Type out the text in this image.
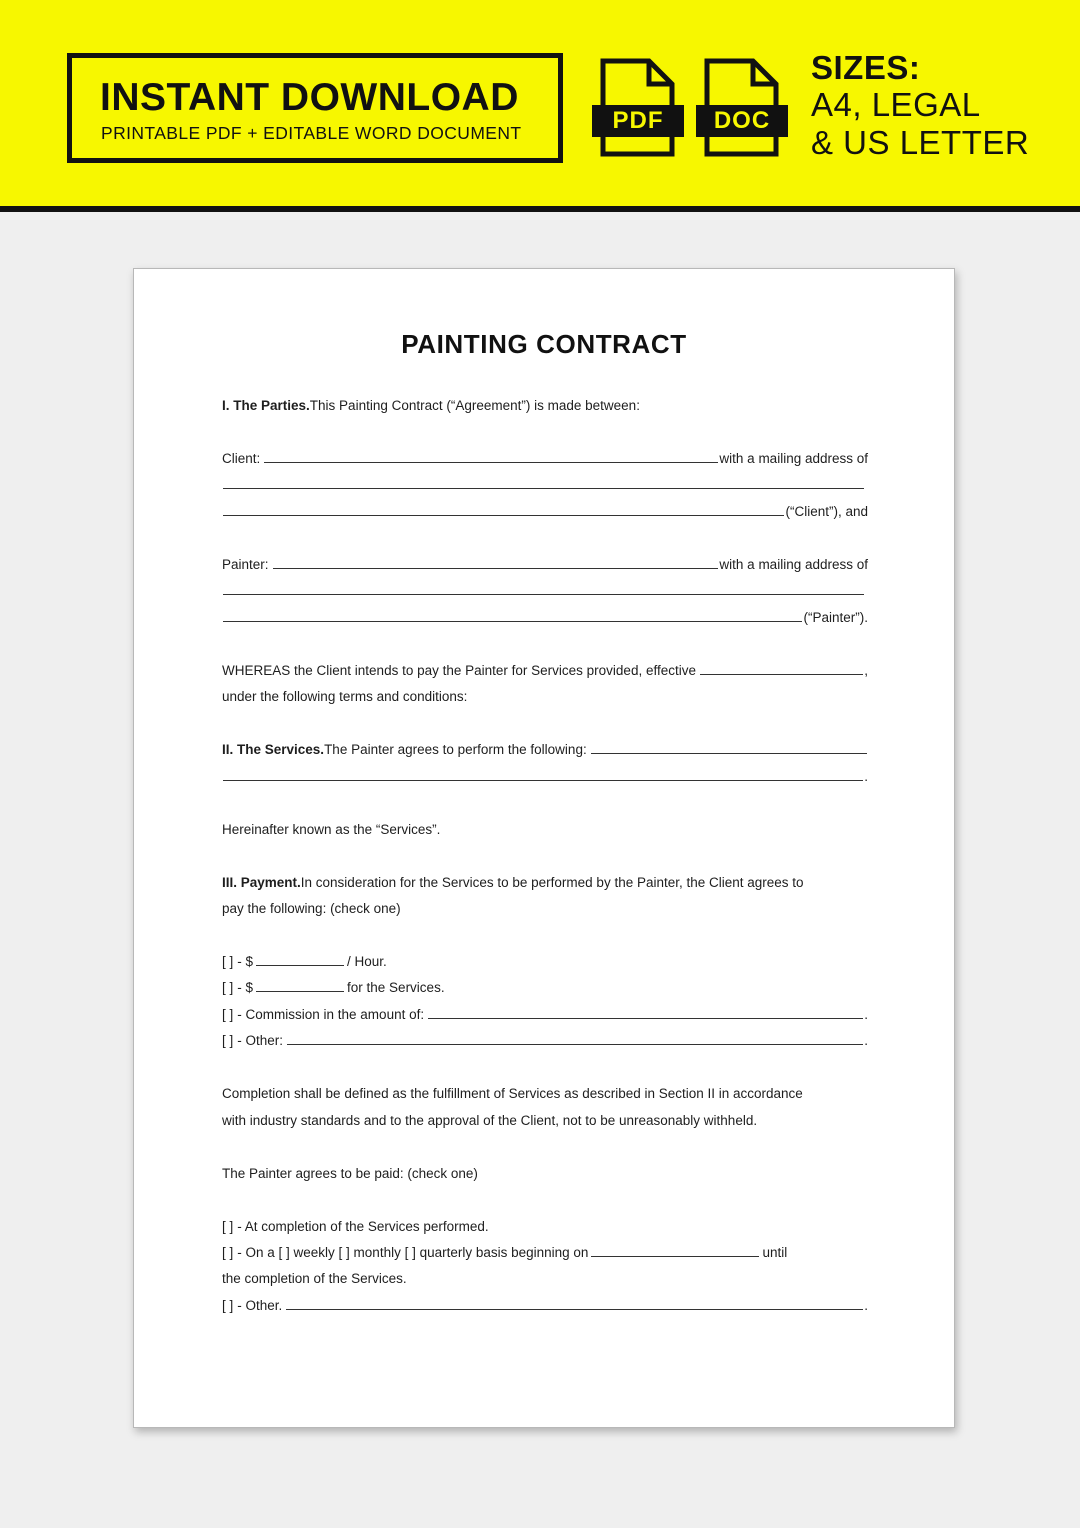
INSTANT DOWNLOAD
PRINTABLE PDF + EDITABLE WORD DOCUMENT	PDF	DOC
SIZES:
A4, LEGAL
& US LETTER
PAINTING CONTRACT
I. The Parties. This Painting Contract (“Agreement”) is made between:
Client:	with a mailing address of
(“Client”), and
Painter:	with a mailing address of
(“Painter”).
WHEREAS the Client intends to pay the Painter for Services provided, effective	,
under the following terms and conditions:
II. The Services. The Painter agrees to perform the following:
.
Hereinafter known as the “Services”.
III. Payment. In consideration for the Services to be performed by the Painter, the Client agrees to
pay the following: (check one)
[ ] - $	/ Hour.
[ ] - $	for the Services.
[ ] - Commission in the amount of:	.
[ ] - Other:	.
Completion shall be defined as the fulfillment of Services as described in Section II in accordance
with industry standards and to the approval of the Client, not to be unreasonably withheld.
The Painter agrees to be paid: (check one)
[ ] - At completion of the Services performed.
[ ] - On a [ ] weekly [ ] monthly [ ] quarterly basis beginning on	until
the completion of the Services.
[ ] - Other.	.
